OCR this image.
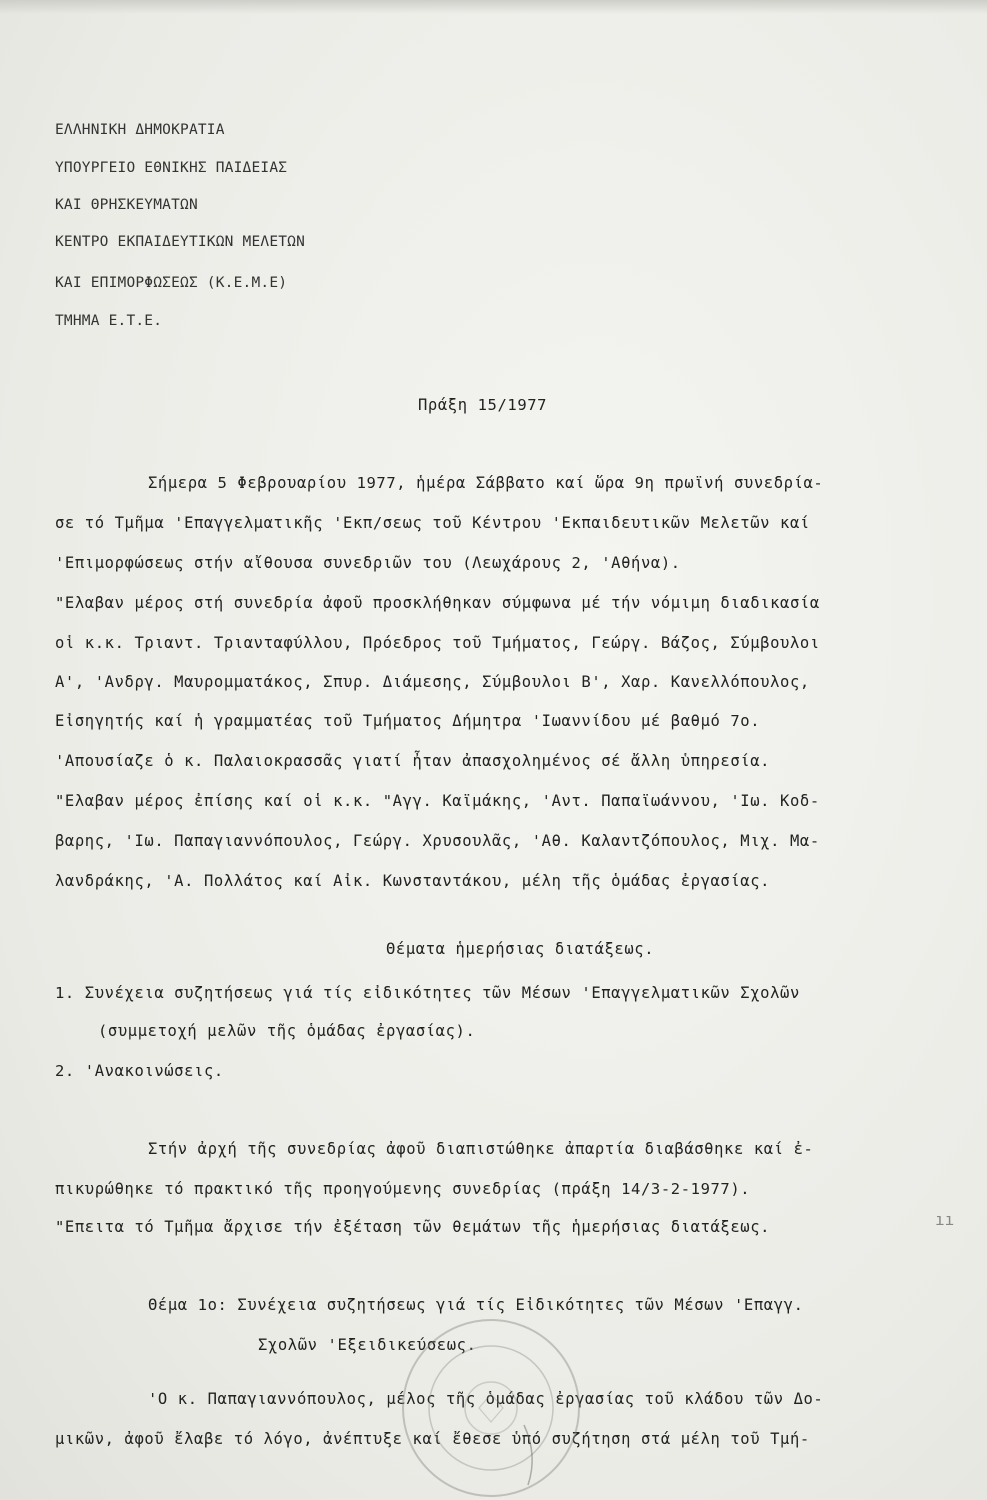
ΕΛΛΗΝΙΚΗ ΔΗΜΟΚΡΑΤΙΑ

ΥΠΟΥΡΓΕΙΟ ΕΘΝΙΚΗΣ ΠΑΙΔΕΙΑΣ

ΚΑΙ ΘΡΗΣΚΕΥΜΑΤΩΝ

ΚΕΝΤΡΟ ΕΚΠΑΙΔΕΥΤΙΚΩΝ ΜΕΛΕΤΩΝ

ΚΑΙ ΕΠΙΜΟΡΦΩΣΕΩΣ (Κ.Ε.Μ.Ε)

ΤΜΗΜΑ Ε.Τ.Ε.

Πράξη 15/1977

Σήμερα 5 Φεβρουαρίου 1977, ἡμέρα Σάββατο καί ὥρα 9η πρωϊνή συνεδρία-

σε τό Τμῆμα 'Επαγγελματικῆς 'Εκπ/σεως τοῦ Κέντρου 'Εκπαιδευτικῶν Μελετῶν καί

'Επιμορφώσεως στήν αἴθουσα συνεδριῶν του (Λεωχάρους 2, 'Αθήνα).

"Ελαβαν μέρος στή συνεδρία ἀφοῦ προσκλήθηκαν σύμφωνα μέ τήν νόμιμη διαδικασία

οἱ κ.κ. Τριαντ. Τριανταφύλλου, Πρόεδρος τοῦ Τμήματος, Γεώργ. Βάζος, Σύμβουλοι

Α', 'Ανδργ. Μαυρομματάκος, Σπυρ. Διάμεσης, Σύμβουλοι Β', Χαρ. Κανελλόπουλος,

Εἰσηγητής καί ἡ γραμματέας τοῦ Τμήματος Δήμητρα 'Ιωαννίδου μέ βαθμό 7ο.

'Απουσίαζε ὁ κ. Παλαιοκρασσᾶς γιατί ἦταν ἀπασχολημένος σέ ἄλλη ὑπηρεσία.

"Ελαβαν μέρος ἐπίσης καί οἱ κ.κ. "Αγγ. Καϊμάκης, 'Αντ. Παπαϊωάννου, 'Ιω. Κοδ-

βαρης, 'Ιω. Παπαγιαννόπουλος, Γεώργ. Χρυσουλᾶς, 'Αθ. Καλαντζόπουλος, Μιχ. Μα-

λανδράκης, 'Α. Πολλάτος καί Αἰκ. Κωνσταντάκου, μέλη τῆς ὁμάδας ἐργασίας.

Θέματα ἡμερήσιας διατάξεως.

1. Συνέχεια συζητήσεως γιά τίς εἰδικότητες τῶν Μέσων 'Επαγγελματικῶν Σχολῶν

(συμμετοχή μελῶν τῆς ὁμάδας ἐργασίας).

2. 'Ανακοινώσεις.

Στήν ἀρχή τῆς συνεδρίας ἀφοῦ διαπιστώθηκε ἀπαρτία διαβάσθηκε καί ἐ-

πικυρώθηκε τό πρακτικό τῆς προηγούμενης συνεδρίας (πράξη 14/3-2-1977).

"Επειτα τό Τμῆμα ἄρχισε τήν ἐξέταση τῶν θεμάτων τῆς ἡμερήσιας διατάξεως.	ıı

Θέμα 1ο: Συνέχεια συζητήσεως γιά τίς Εἰδικότητες τῶν Μέσων 'Επαγγ.

Σχολῶν 'Εξειδικεύσεως.

'Ο κ. Παπαγιαννόπουλος, μέλος τῆς ὁμάδας ἐργασίας τοῦ κλάδου τῶν Δο-

μικῶν, ἀφοῦ ἔλαβε τό λόγο, ἀνέπτυξε καί ἔθεσε ὑπό συζήτηση στά μέλη τοῦ Τμή-
